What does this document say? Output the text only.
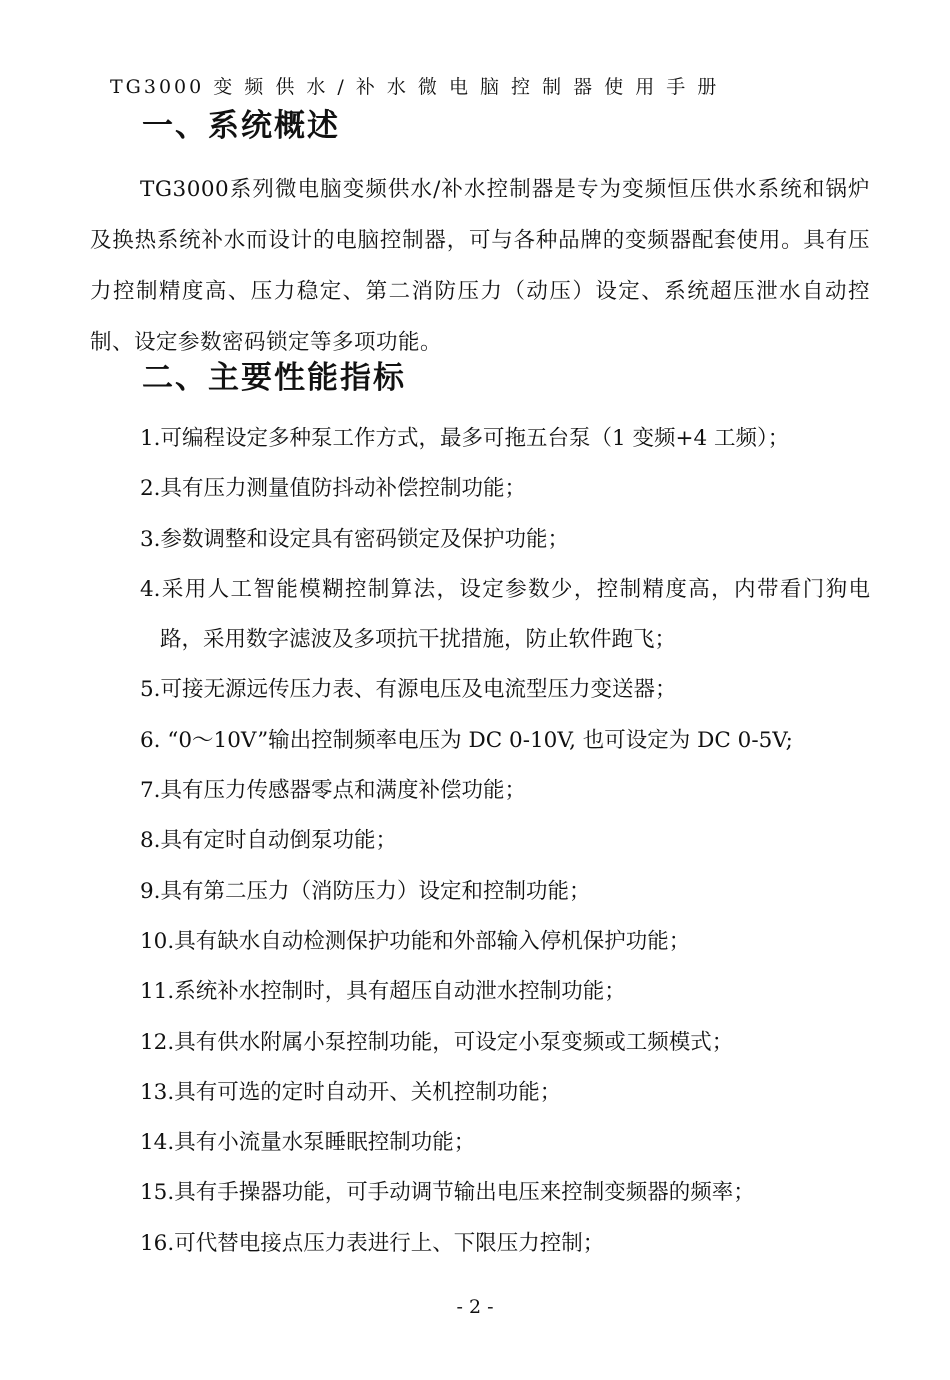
TG3000 变 频 供 水 / 补 水 微 电 脑 控 制 器 使 用 手 册
一、系统概述

TG3000系列微电脑变频供水/补水控制器是专为变频恒压供水系统和锅炉及换热系统补水而设计的电脑控制器，可与各种品牌的变频器配套使用。具有压力控制精度高、压力稳定、第二消防压力（动压）设定、系统超压泄水自动控制、设定参数密码锁定等多项功能。

二、主要性能指标
1.可编程设定多种泵工作方式，最多可拖五台泵（1 变频+4 工频）；
2.具有压力测量值防抖动补偿控制功能；
3.参数调整和设定具有密码锁定及保护功能；
4.采用人工智能模糊控制算法，设定参数少，控制精度高，内带看门狗电路，采用数字滤波及多项抗干扰措施，防止软件跑飞；
5.可接无源远传压力表、有源电压及电流型压力变送器；
6. “0～10V”输出控制频率电压为 DC 0-10V, 也可设定为 DC 0-5V;
7.具有压力传感器零点和满度补偿功能；
8.具有定时自动倒泵功能；
9.具有第二压力（消防压力）设定和控制功能；
10.具有缺水自动检测保护功能和外部输入停机保护功能；
11.系统补水控制时，具有超压自动泄水控制功能；
12.具有供水附属小泵控制功能，可设定小泵变频或工频模式；
13.具有可选的定时自动开、关机控制功能；
14.具有小流量水泵睡眠控制功能；
15.具有手操器功能，可手动调节输出电压来控制变频器的频率；
16.可代替电接点压力表进行上、下限压力控制；
- 2 -
